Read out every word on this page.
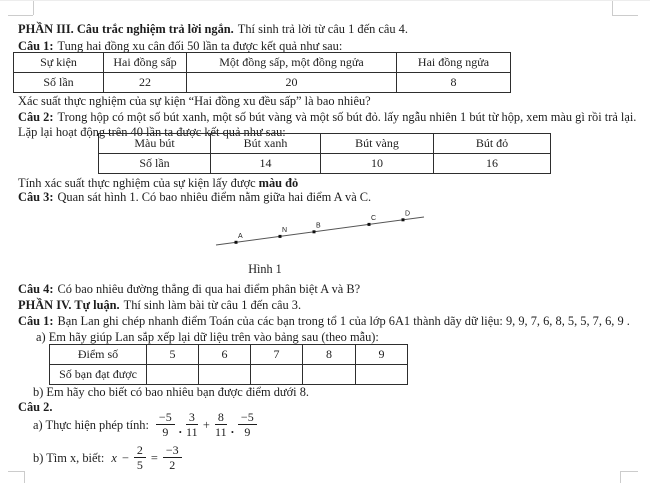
PHẦN III. Câu trắc nghiệm trả lời ngắn. Thí sinh trả lời từ câu 1 đến câu 4.
Câu 1: Tung hai đồng xu cân đối 50 lần ta được kết quả như sau:
Sự kiện	Hai đồng sấp	Một đồng sấp, một đồng ngửa	Hai đồng ngửa
Số lần	22	20	8
Xác suất thực nghiệm của sự kiện “Hai đồng xu đều sấp” là bao nhiêu?
Câu 2: Trong hộp có một số bút xanh, một số bút vàng và một số bút đỏ. lấy ngẫu nhiên 1 bút từ hộp, xem màu gì rồi trả lại.
Lặp lại hoạt động trên 40 lần ta được kết quả như sau:
Màu bút	Bút xanh	Bút vàng	Bút đỏ
Số lần	14	10	16
Tính xác suất thực nghiệm của sự kiện lấy được màu đỏ
Câu 3: Quan sát hình 1. Có bao nhiêu điểm nằm giữa hai điểm A và C.
A
N
B
C
D
Hình 1
Câu 4: Có bao nhiêu đường thẳng đi qua hai điểm phân biệt A và B?
PHẦN IV. Tự luận. Thí sinh làm bài từ câu 1 đến câu 3.
Câu 1: Bạn Lan ghi chép nhanh điểm Toán của các bạn trong tổ 1 của lớp 6A1 thành dãy dữ liệu: 9, 9, 7, 6, 8, 5, 5, 7, 6, 9 .
a) Em hãy giúp Lan sắp xếp lại dữ liệu trên vào bảng sau (theo mẫu):
Điểm số	5	6	7	8	9
Số bạn đạt được					
b) Em hãy cho biết có bao nhiêu bạn được điểm dưới 8.
Câu 2.
a) Thực hiện phép tính: $\frac{-5}{9}$ . $\frac{3}{11} + \frac{8}{11}$ . $\frac{-5}{9}$
b) Tìm x, biết: $x - \frac{2}{5} = \frac{-3}{2}$
